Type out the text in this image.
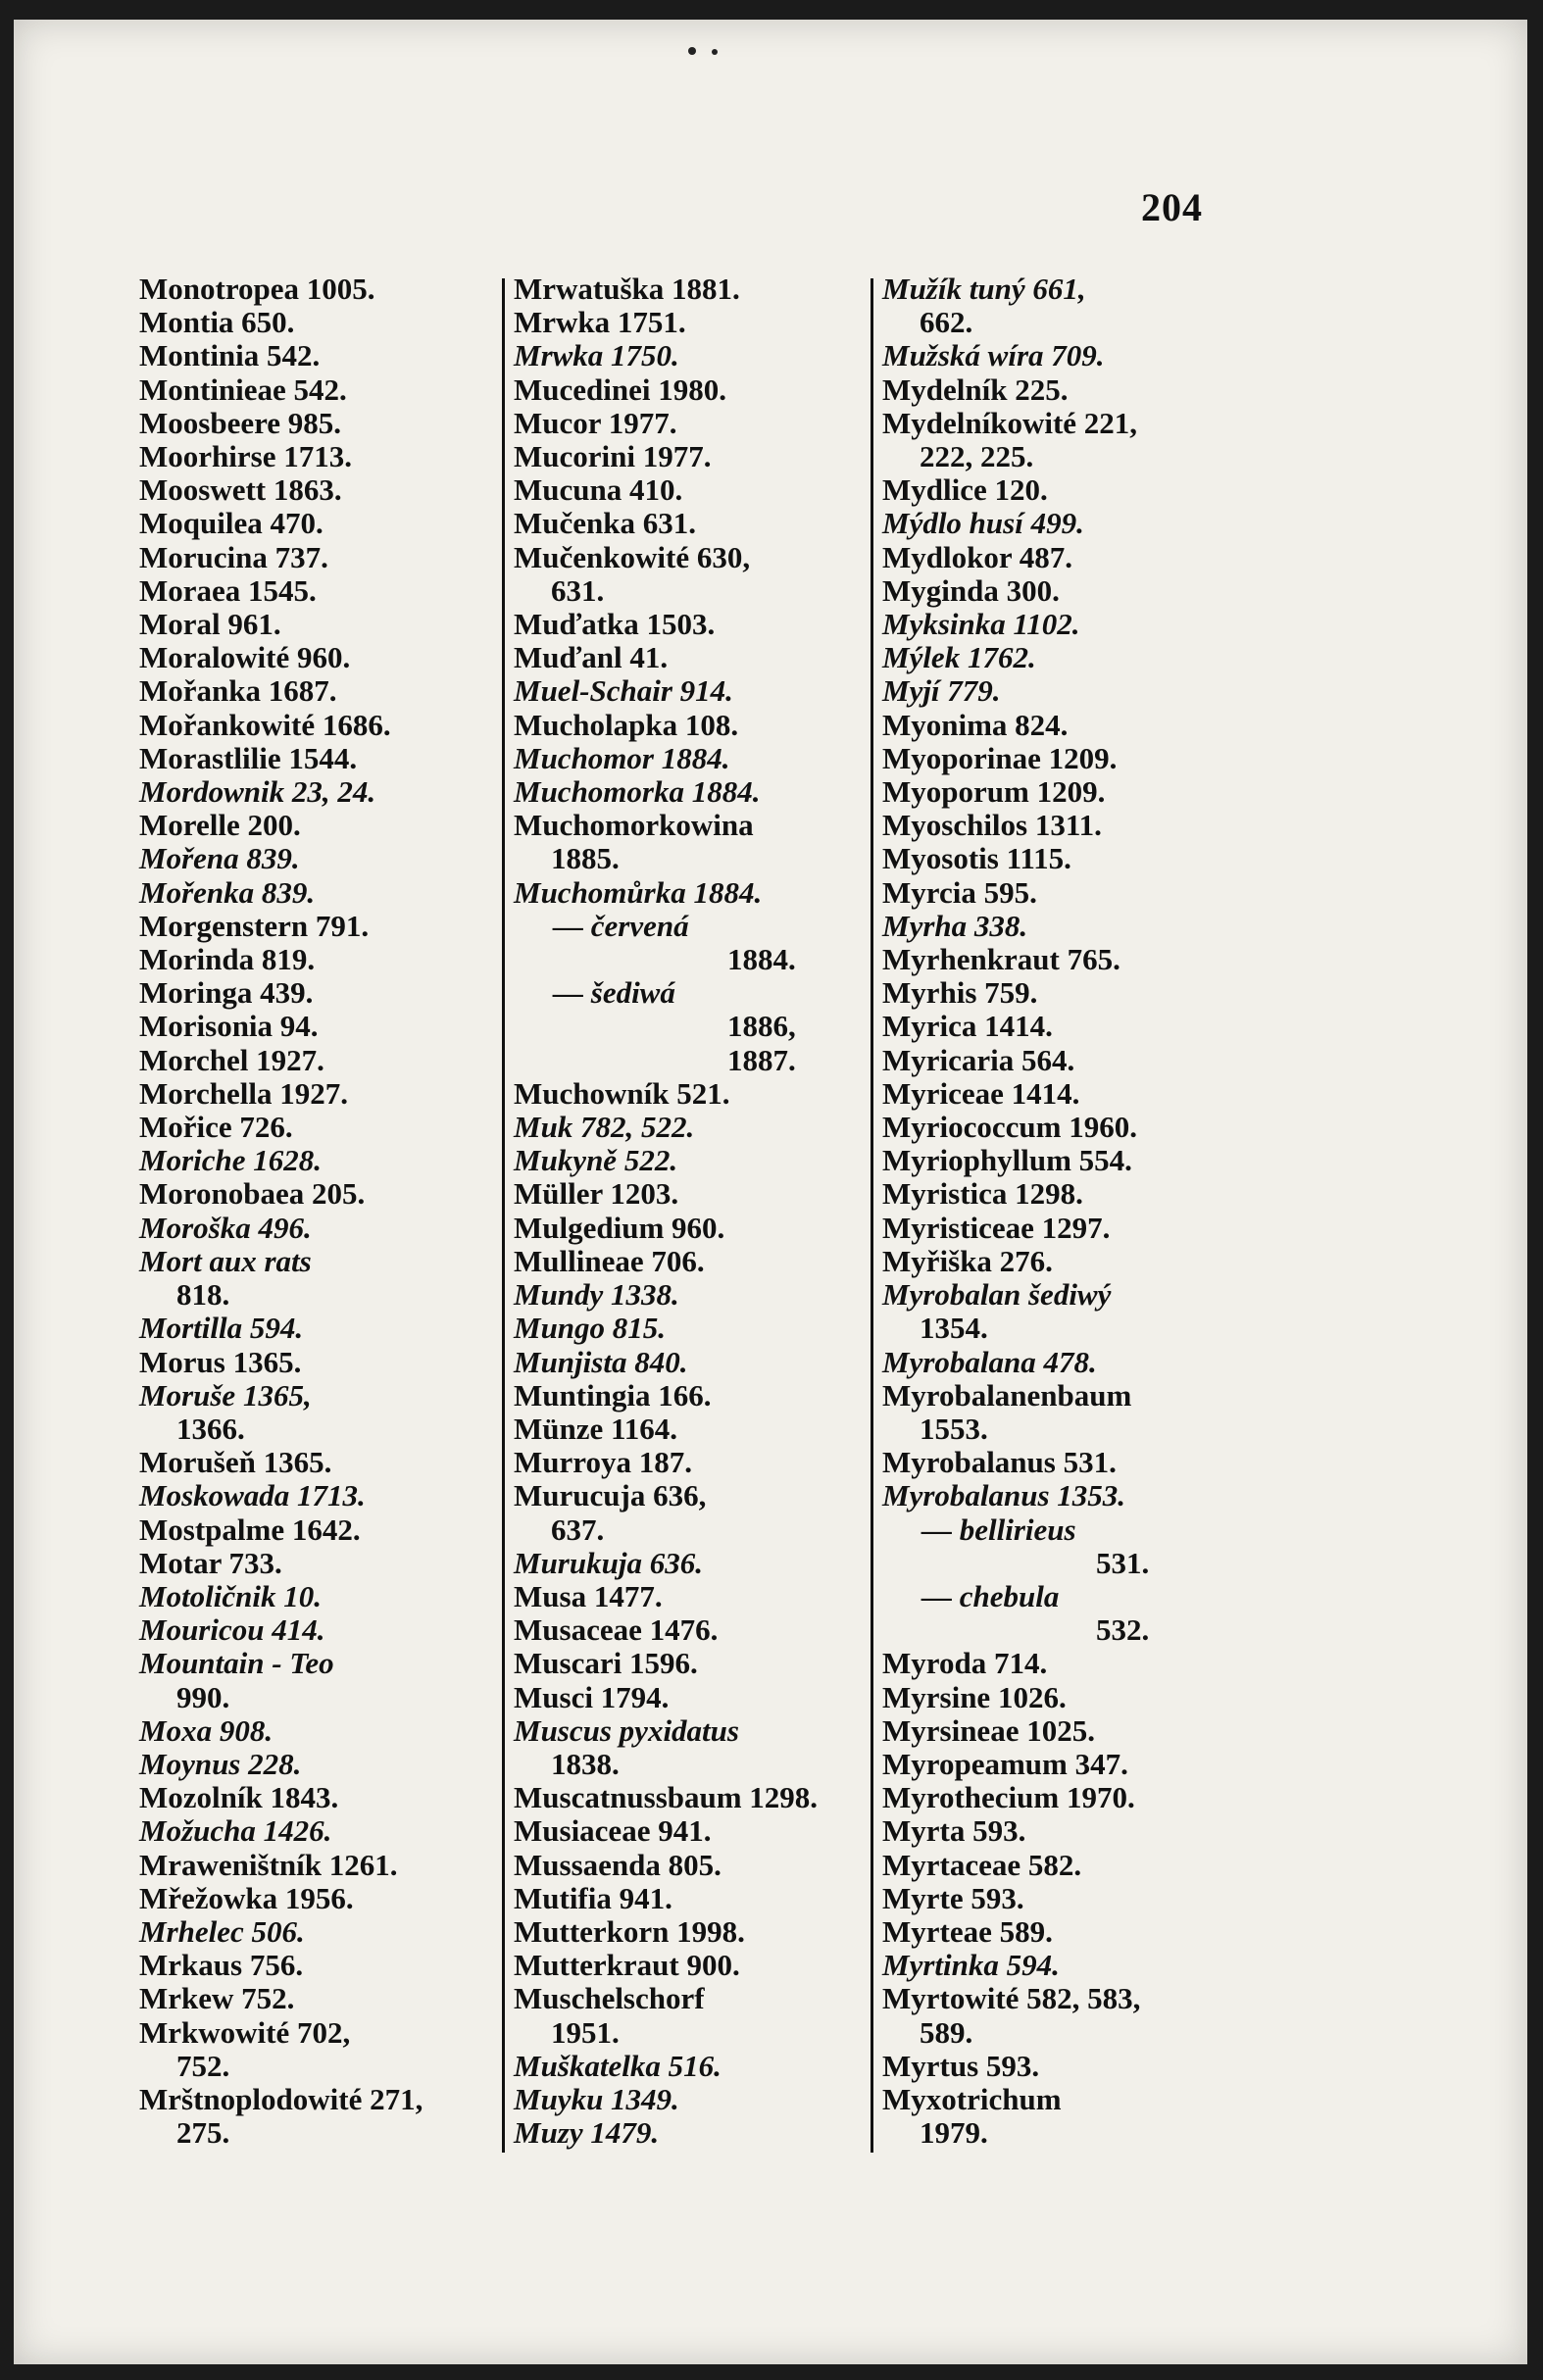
204
Monotropea 1005.
Montia 650.
Montinia 542.
Montinieae 542.
Moosbeere 985.
Moorhirse 1713.
Mooswett 1863.
Moquilea 470.
Morucina 737.
Moraea 1545.
Moral 961.
Moralowité 960.
Mořanka 1687.
Mořankowité 1686.
Morastlilie 1544.
Mordownik 23, 24.
Morelle 200.
Mořena 839.
Mořenka 839.
Morgenstern 791.
Morinda 819.
Moringa 439.
Morisonia 94.
Morchel 1927.
Morchella 1927.
Mořice 726.
Moriche 1628.
Moronobaea 205.
Moroška 496.
Mort aux rats
818.
Mortilla 594.
Morus 1365.
Moruše 1365,
1366.
Morušeň 1365.
Moskowada 1713.
Mostpalme 1642.
Motar 733.
Motoličnik 10.
Mouricou 414.
Mountain - Teo
990.
Moxa 908.
Moynus 228.
Mozolník 1843.
Možucha 1426.
Mraweništník 1261.
Mřežowka 1956.
Mrhelec 506.
Mrkaus 756.
Mrkew 752.
Mrkwowité 702,
752.
Mrštnoplodowité 271,
275.
Mrwatuška 1881.
Mrwka 1751.
Mrwka 1750.
Mucedinei 1980.
Mucor 1977.
Mucorini 1977.
Mucuna 410.
Mučenka 631.
Mučenkowité 630,
631.
Muďatka 1503.
Muďanl 41.
Muel-Schair 914.
Mucholapka 108.
Muchomor 1884.
Muchomorka 1884.
Muchomorkowina
1885.
Muchomůrka 1884.
— červená
1884.
— šediwá
1886,
1887.
Muchowník 521.
Muk 782, 522.
Mukyně 522.
Müller 1203.
Mulgedium 960.
Mullineae 706.
Mundy 1338.
Mungo 815.
Munjista 840.
Muntingia 166.
Münze 1164.
Murroya 187.
Murucuja 636,
637.
Murukuja 636.
Musa 1477.
Musaceae 1476.
Muscari 1596.
Musci 1794.
Muscus pyxidatus
1838.
Muscatnussbaum 1298.
Musiaceae 941.
Mussaenda 805.
Mutifia 941.
Mutterkorn 1998.
Mutterkraut 900.
Muschelschorf
1951.
Muškatelka 516.
Muyku 1349.
Muzy 1479.
Mužík tuný 661,
662.
Mužská wíra 709.
Mydelník 225.
Mydelníkowité 221,
222, 225.
Mydlice 120.
Mýdlo husí 499.
Mydlokor 487.
Myginda 300.
Myksinka 1102.
Mýlek 1762.
Myjí 779.
Myonima 824.
Myoporinae 1209.
Myoporum 1209.
Myoschilos 1311.
Myosotis 1115.
Myrcia 595.
Myrha 338.
Myrhenkraut 765.
Myrhis 759.
Myrica 1414.
Myricaria 564.
Myriceae 1414.
Myriococcum 1960.
Myriophyllum 554.
Myristica 1298.
Myristiceae 1297.
Myřiška 276.
Myrobalan šediwý
1354.
Myrobalana 478.
Myrobalanenbaum
1553.
Myrobalanus 531.
Myrobalanus 1353.
— bellirieus
531.
— chebula
532.
Myroda 714.
Myrsine 1026.
Myrsineae 1025.
Myropeamum 347.
Myrothecium 1970.
Myrta 593.
Myrtaceae 582.
Myrte 593.
Myrteae 589.
Myrtinka 594.
Myrtowité 582, 583,
589.
Myrtus 593.
Myxotrichum
1979.
